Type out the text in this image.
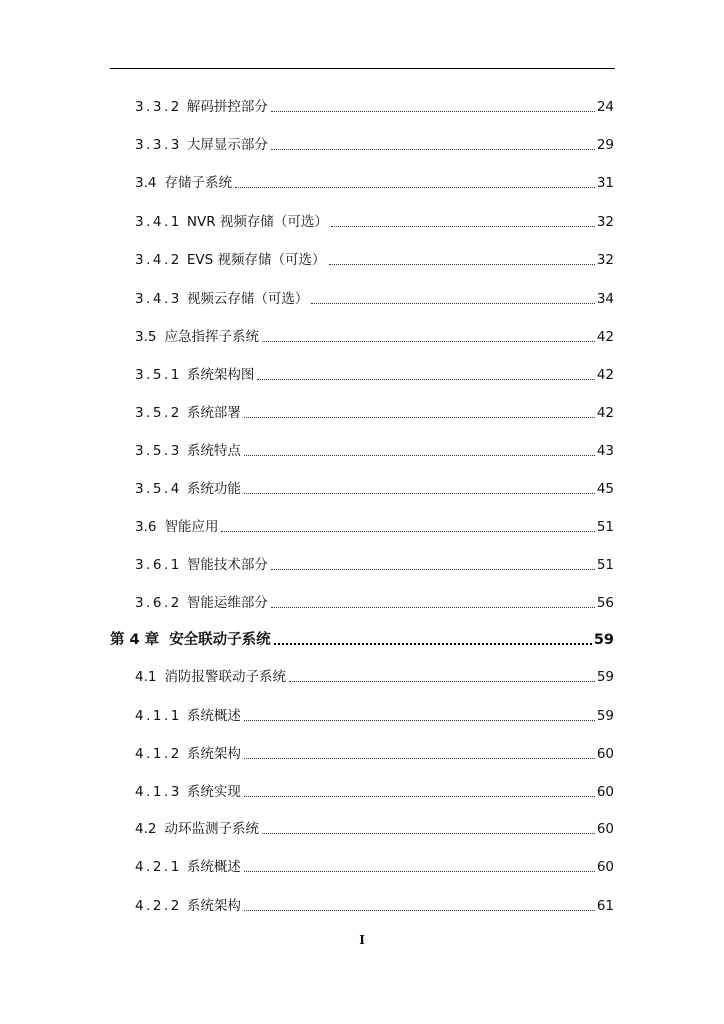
3.3.2 解码拼控部分	24
3.3.3 大屏显示部分	29
3.4 存储子系统	31
3.4.1 NVR 视频存储（可选）	32
3.4.2 EVS 视频存储（可选）	32
3.4.3 视频云存储（可选）	34
3.5 应急指挥子系统	42
3.5.1 系统架构图	42
3.5.2 系统部署	42
3.5.3 系统特点	43
3.5.4 系统功能	45
3.6 智能应用	51
3.6.1 智能技术部分	51
3.6.2 智能运维部分	56
第 4 章 安全联动子系统	59
4.1 消防报警联动子系统	59
4.1.1 系统概述	59
4.1.2 系统架构	60
4.1.3 系统实现	60
4.2 动环监测子系统	60
4.2.1 系统概述	60
4.2.2 系统架构	61
I
